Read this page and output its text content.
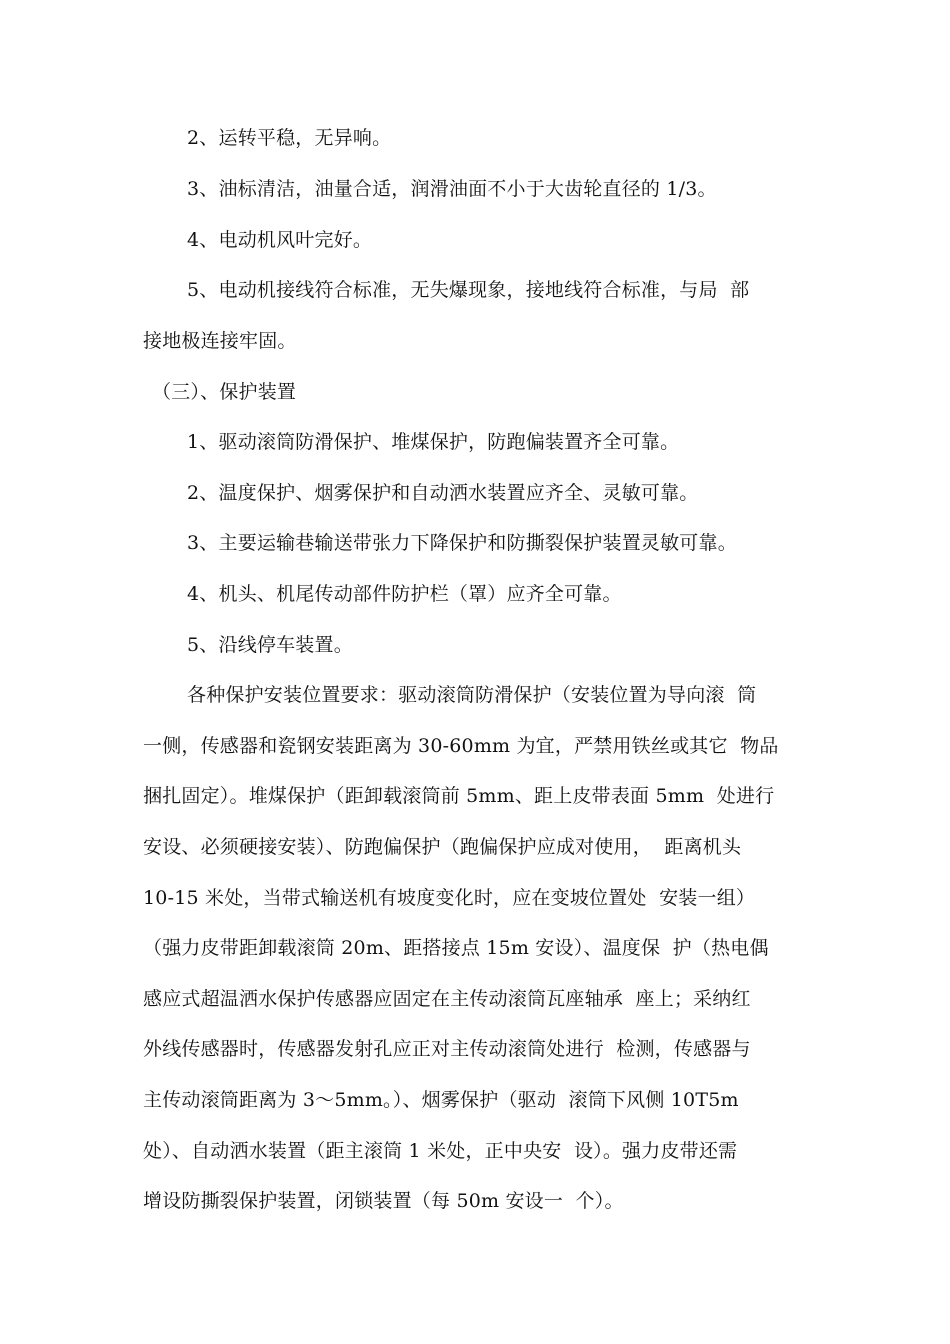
2、运转平稳，无异响。
3、油标清洁，油量合适，润滑油面不小于大齿轮直径的 1/3。
4、电动机风叶完好。
5、电动机接线符合标准，无失爆现象，接地线符合标准，与局  部
接地极连接牢固。
（三）、保护装置
1、驱动滚筒防滑保护、堆煤保护，防跑偏装置齐全可靠。
2、温度保护、烟雾保护和自动洒水装置应齐全、灵敏可靠。
3、主要运输巷输送带张力下降保护和防撕裂保护装置灵敏可靠。
4、机头、机尾传动部件防护栏（罩）应齐全可靠。
5、沿线停车装置。
各种保护安装位置要求：驱动滚筒防滑保护（安装位置为导向滚  筒
一侧，传感器和瓷钢安装距离为 30-60mm 为宜，严禁用铁丝或其它  物品
捆扎固定）。堆煤保护（距卸载滚筒前 5mm、距上皮带表面 5mm  处进行
安设、必须硬接安装）、防跑偏保护（跑偏保护应成对使用，  距离机头
10-15 米处，当带式输送机有坡度变化时，应在变坡位置处  安装一组）
（强力皮带距卸载滚筒 20m、距搭接点 15m 安设）、温度保  护（热电偶
感应式超温洒水保护传感器应固定在主传动滚筒瓦座轴承  座上；采纳红
外线传感器时，传感器发射孔应正对主传动滚筒处进行  检测，传感器与
主传动滚筒距离为 3〜5mm。）、烟雾保护（驱动  滚筒下风侧 10T5m
处）、自动洒水装置（距主滚筒 1 米处，正中央安  设）。强力皮带还需
增设防撕裂保护装置，闭锁装置（每 50m 安设一  个）。
